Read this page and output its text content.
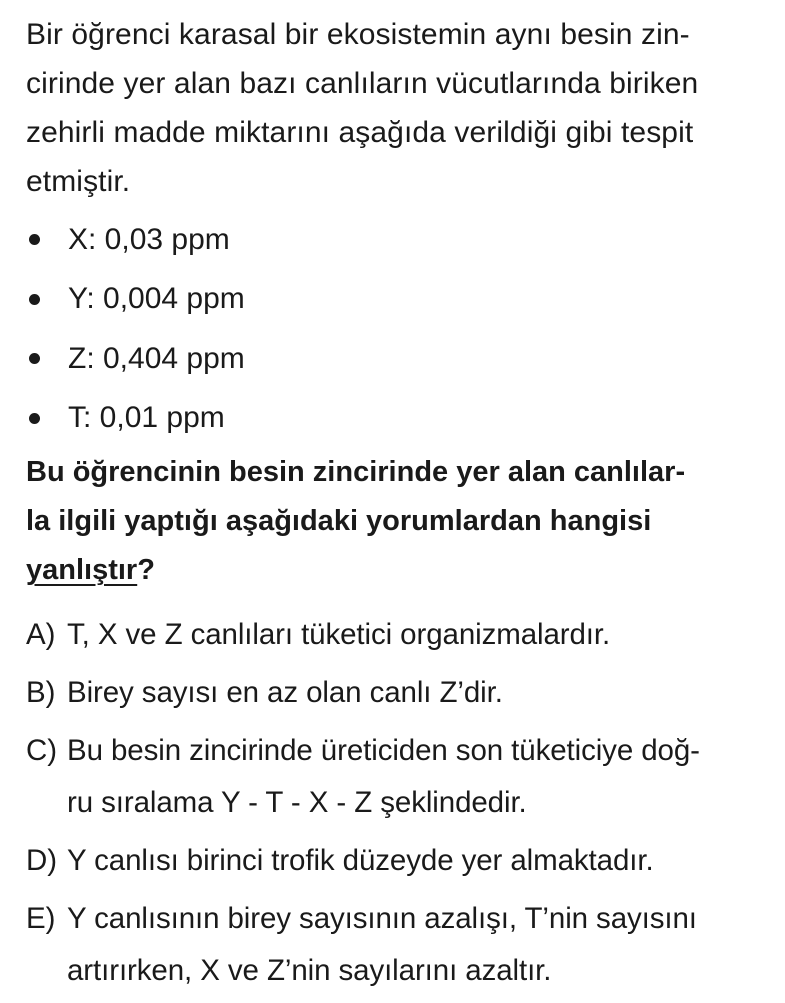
Bir öğrenci karasal bir ekosistemin aynı besin zin-
cirinde yer alan bazı canlıların vücutlarında biriken
zehirli madde miktarını aşağıda verildiği gibi tespit
etmiştir.

X: 0,03 ppm
Y: 0,004 ppm
Z: 0,404 ppm
T: 0,01 ppm

Bu öğrencinin besin zincirinde yer alan canlılar-
la ilgili yaptığı aşağıdaki yorumlardan hangisi
yanlıştır?

A) T, X ve Z canlıları tüketici organizmalardır.
B) Birey sayısı en az olan canlı Z’dir.
C) Bu besin zincirinde üreticiden son tüketiciye doğ-
ru sıralama Y - T - X - Z şeklindedir.
D) Y canlısı birinci trofik düzeyde yer almaktadır.
E) Y canlısının birey sayısının azalışı, T’nin sayısını
artırırken, X ve Z’nin sayılarını azaltır.
